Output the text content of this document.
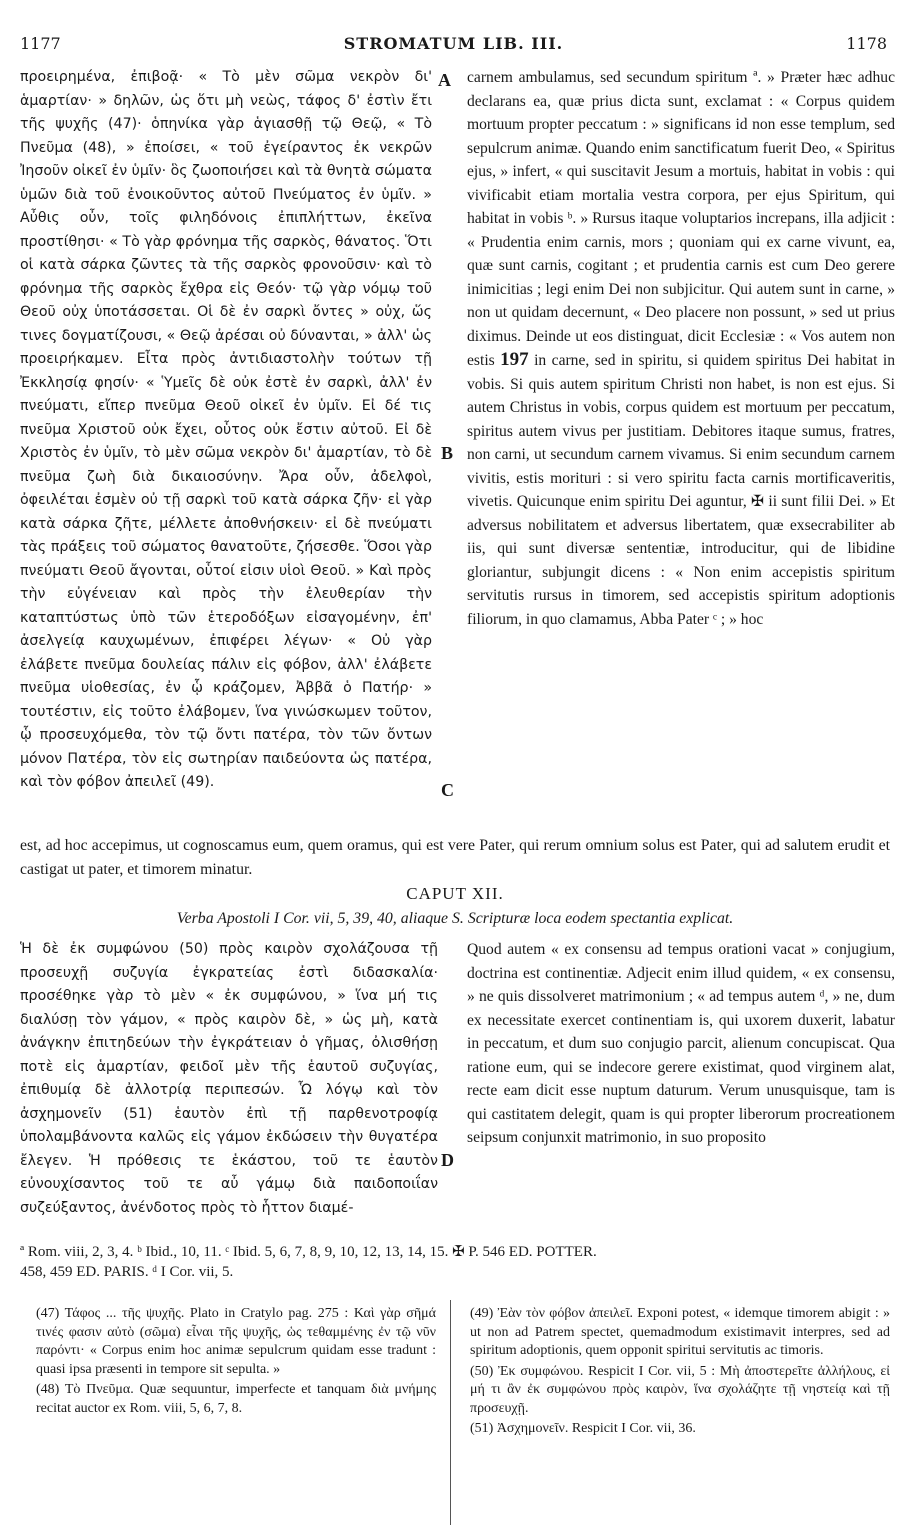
1177	STROMATUM LIB. III.	1178
A
B
C
D

προειρημένα, ἐπιβοᾷ· « Τὸ μὲν σῶμα νεκρὸν δι' ἁμαρτίαν· » δηλῶν, ὡς ὅτι μὴ νεὼς, τάφος δ' ἐστὶν ἔτι τῆς ψυχῆς (47)· ὁπηνίκα γὰρ ἁγιασθῇ τῷ Θεῷ, « Τὸ Πνεῦμα (48), » ἐποίσει, « τοῦ ἐγείραντος ἐκ νεκρῶν Ἰησοῦν οἰκεῖ ἐν ὑμῖν· ὃς ζωοποιήσει καὶ τὰ θνητὰ σώματα ὑμῶν διὰ τοῦ ἐνοικοῦντος αὐτοῦ Πνεύματος ἐν ὑμῖν. » Αὖθις οὖν, τοῖς φιληδόνοις ἐπιπλήττων, ἐκεῖνα προστίθησι· « Τὸ γὰρ φρόνημα τῆς σαρκὸς, θάνατος. Ὅτι οἱ κατὰ σάρκα ζῶντες τὰ τῆς σαρκὸς φρονοῦσιν· καὶ τὸ φρόνημα τῆς σαρκὸς ἔχθρα εἰς Θεόν· τῷ γὰρ νόμῳ τοῦ Θεοῦ οὐχ ὑποτάσσεται. Οἱ δὲ ἐν σαρκὶ ὄντες » οὐχ, ὥς τινες δογματίζουσι, « Θεῷ ἀρέσαι οὐ δύνανται, » ἀλλ' ὡς προειρήκαμεν. Εἶτα πρὸς ἀντιδιαστολὴν τούτων τῇ Ἐκκλησίᾳ φησίν· « Ὑμεῖς δὲ οὐκ ἐστὲ ἐν σαρκὶ, ἀλλ' ἐν πνεύματι, εἴπερ πνεῦμα Θεοῦ οἰκεῖ ἐν ὑμῖν. Εἰ δέ τις πνεῦμα Χριστοῦ οὐκ ἔχει, οὗτος οὐκ ἔστιν αὐτοῦ. Εἰ δὲ Χριστὸς ἐν ὑμῖν, τὸ μὲν σῶμα νεκρὸν δι' ἁμαρτίαν, τὸ δὲ πνεῦμα ζωὴ διὰ δικαιοσύνην. Ἄρα οὖν, ἀδελφοὶ, ὀφειλέται ἐσμὲν οὐ τῇ σαρκὶ τοῦ κατὰ σάρκα ζῆν· εἰ γὰρ κατὰ σάρκα ζῆτε, μέλλετε ἀποθνήσκειν· εἰ δὲ πνεύματι τὰς πράξεις τοῦ σώματος θανατοῦτε, ζήσεσθε. Ὅσοι γὰρ πνεύματι Θεοῦ ἄγονται, οὗτοί εἰσιν υἱοὶ Θεοῦ. » Καὶ πρὸς τὴν εὐγένειαν καὶ πρὸς τὴν ἐλευθερίαν τὴν καταπτύστως ὑπὸ τῶν ἑτεροδόξων εἰσαγομένην, ἐπ' ἀσελγείᾳ καυχωμένων, ἐπιφέρει λέγων· « Οὐ γὰρ ἐλάβετε πνεῦμα δουλείας πάλιν εἰς φόβον, ἀλλ' ἐλάβετε πνεῦμα υἱοθεσίας, ἐν ᾧ κράζομεν, Ἀββᾶ ὁ Πατήρ· » τουτέστιν, εἰς τοῦτο ἐλάβομεν, ἵνα γινώσκωμεν τοῦτον, ᾧ προσευχόμεθα, τὸν τῷ ὄντι πατέρα, τὸν τῶν ὄντων μόνον Πατέρα, τὸν εἰς σωτηρίαν παιδεύοντα ὡς πατέρα, καὶ τὸν φόβον ἀπειλεῖ (49).

carnem ambulamus, sed secundum spiritum ª. » Præter hæc adhuc declarans ea, quæ prius dicta sunt, exclamat : « Corpus quidem mortuum propter peccatum : » significans id non esse templum, sed sepulcrum animæ. Quando enim sanctificatum fuerit Deo, « Spiritus ejus, » infert, « qui suscitavit Jesum a mortuis, habitat in vobis : qui vivificabit etiam mortalia vestra corpora, per ejus Spiritum, qui habitat in vobis ᵇ. » Rursus itaque voluptarios increpans, illa adjicit : « Prudentia enim carnis, mors ; quoniam qui ex carne vivunt, ea, quæ sunt carnis, cogitant ; et prudentia carnis est cum Deo gerere inimicitias ; legi enim Dei non subjicitur. Qui autem sunt in carne, » non ut quidam decernunt, « Deo placere non possunt, » sed ut prius diximus. Deinde ut eos distinguat, dicit Ecclesiæ : « Vos autem non estis 197 in carne, sed in spiritu, si quidem spiritus Dei habitat in vobis. Si quis autem spiritum Christi non habet, is non est ejus. Si autem Christus in vobis, corpus quidem est mortuum per peccatum, spiritus autem vivus per justitiam. Debitores itaque sumus, fratres, non carni, ut secundum carnem vivamus. Si enim secundum carnem vivitis, estis morituri : si vero spiritu facta carnis mortificaveritis, vivetis. Quicunque enim spiritu Dei aguntur, ✠ ii sunt filii Dei. » Et adversus nobilitatem et adversus libertatem, quæ exsecrabiliter ab iis, qui sunt diversæ sententiæ, introducitur, qui de libidine gloriantur, subjungit dicens : « Non enim accepistis spiritum servitutis rursus in timorem, sed accepistis spiritum adoptionis filiorum, in quo clamamus, Abba Pater ᶜ ; » hoc

est, ad hoc accepimus, ut cognoscamus eum, quem oramus, qui est vere Pater, qui rerum omnium solus est Pater, qui ad salutem erudit et castigat ut pater, et timorem minatur.
CAPUT XII.
Verba Apostoli I Cor. vii, 5, 39, 40, aliaque S. Scripturæ loca eodem spectantia explicat.

Ἡ δὲ ἐκ συμφώνου (50) πρὸς καιρὸν σχολάζουσα τῇ προσευχῇ συζυγία ἐγκρατείας ἐστὶ διδασκαλία· προσέθηκε γὰρ τὸ μὲν « ἐκ συμφώνου, » ἵνα μή τις διαλύσῃ τὸν γάμον, « πρὸς καιρὸν δὲ, » ὡς μὴ, κατὰ ἀνάγκην ἐπιτηδεύων τὴν ἐγκράτειαν ὁ γῆμας, ὀλισθήσῃ ποτὲ εἰς ἁμαρτίαν, φειδοῖ μὲν τῆς ἑαυτοῦ συζυγίας, ἐπιθυμίᾳ δὲ ἀλλοτρίᾳ περιπεσών. Ὧ λόγῳ καὶ τὸν ἀσχημονεῖν (51) ἑαυτὸν ἐπὶ τῇ παρθενοτροφίᾳ ὑπολαμβάνοντα καλῶς εἰς γάμον ἐκδώσειν τὴν θυγατέρα ἔλεγεν. Ἡ πρόθεσις τε ἑκάστου, τοῦ τε ἑαυτὸν εὐνουχίσαντος τοῦ τε αὖ γάμῳ διὰ παιδοποιΐαν συζεύξαντος, ἀνένδοτος πρὸς τὸ ἧττον διαμέ-

Quod autem « ex consensu ad tempus orationi vacat » conjugium, doctrina est continentiæ. Adjecit enim illud quidem, « ex consensu, » ne quis dissolveret matrimonium ; « ad tempus autem ᵈ, » ne, dum ex necessitate exercet continentiam is, qui uxorem duxerit, labatur in peccatum, et dum suo conjugio parcit, alienum concupiscat. Qua ratione eum, qui se indecore gerere existimat, quod virginem alat, recte eam dicit esse nuptum daturum. Verum unusquisque, tam is qui castitatem delegit, quam is qui propter liberorum procreationem seipsum conjunxit matrimonio, in suo proposito

ª Rom. viii, 2, 3, 4. ᵇ Ibid., 10, 11. ᶜ Ibid. 5, 6, 7, 8, 9, 10, 12, 13, 14, 15. ✠ P. 546 ED. POTTER.
458, 459 ED. PARIS. ᵈ I Cor. vii, 5.

(47) Τάφος ... τῆς ψυχῆς. Plato in Cratylo pag. 275 : Καὶ γὰρ σῆμά τινές φασιν αὐτὸ (σῶμα) εἶναι τῆς ψυχῆς, ὡς τεθαμμένης ἐν τῷ νῦν παρόντι· « Corpus enim hoc animæ sepulcrum quidam esse tradunt : quasi ipsa præsenti in tempore sit sepulta. »

(48) Τὸ Πνεῦμα. Quæ sequuntur, imperfecte et tanquam διὰ μνήμης recitat auctor ex Rom. viii, 5, 6, 7, 8.

(49) Ἐὰν τὸν φόβον ἀπειλεῖ. Exponi potest, « idemque timorem abigit : » ut non ad Patrem spectet, quemadmodum existimavit interpres, sed ad spiritum adoptionis, quem opponit spiritui servitutis ac timoris.

(50) Ἐκ συμφώνου. Respicit I Cor. vii, 5 : Μὴ ἀποστερεῖτε ἀλλήλους, εἰ μή τι ἂν ἐκ συμφώνου πρὸς καιρὸν, ἵνα σχολάζητε τῇ νηστείᾳ καὶ τῇ προσευχῇ.

(51) Ἀσχημονεῖν. Respicit I Cor. vii, 36.
